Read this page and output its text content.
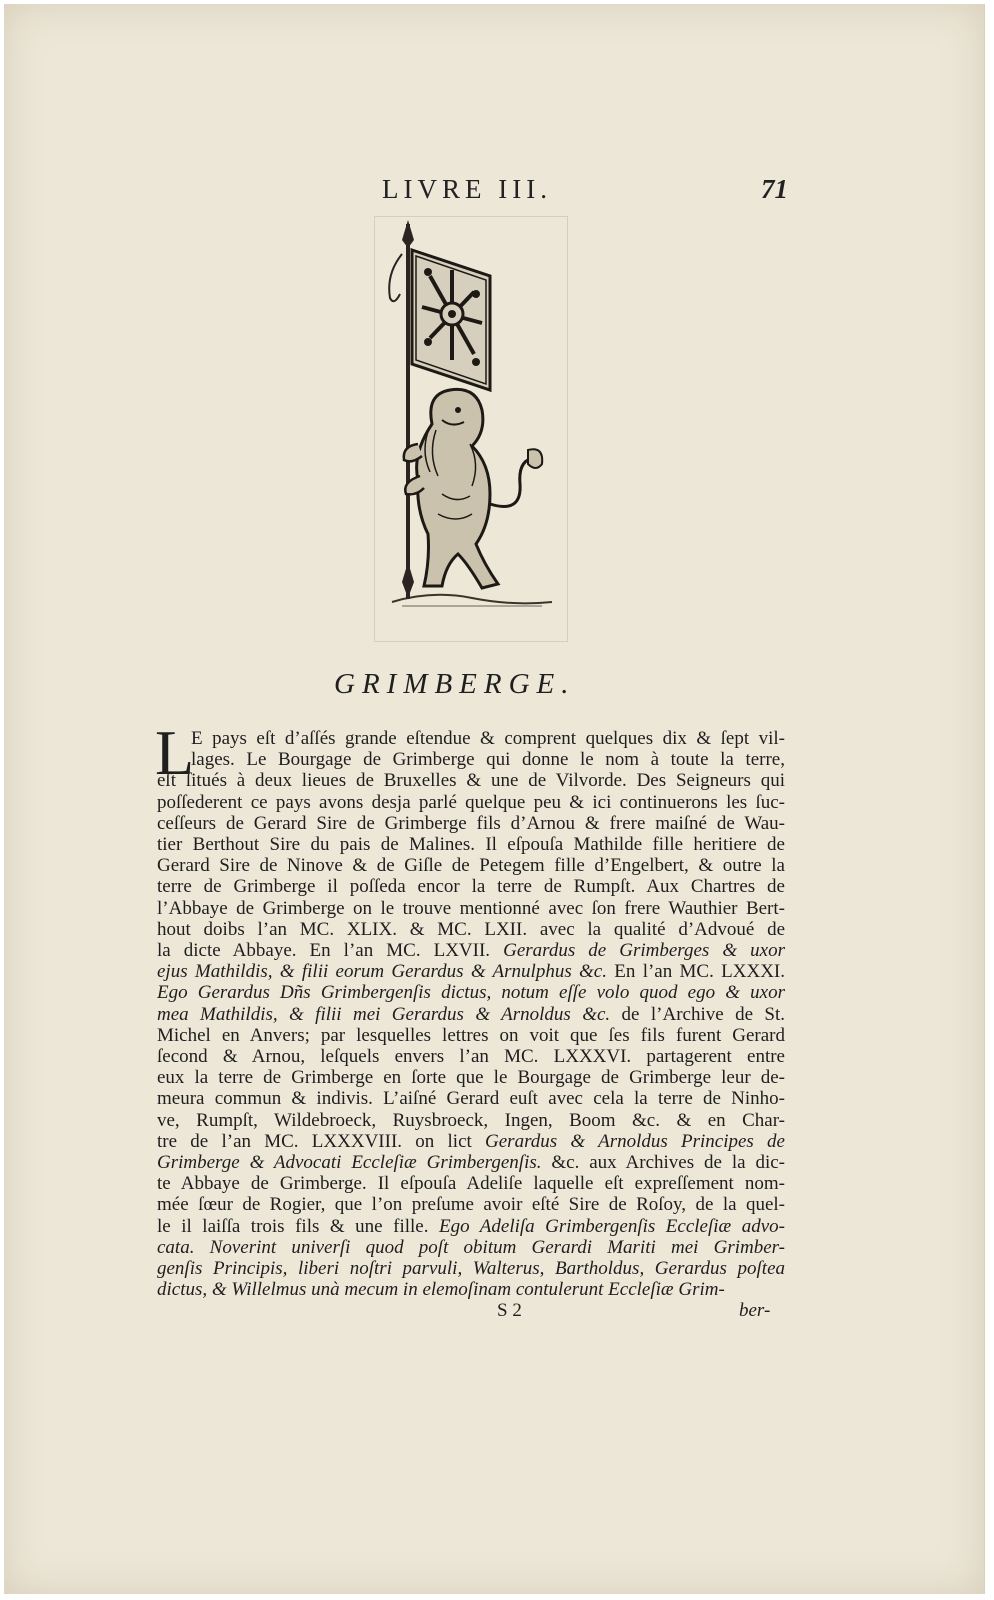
LIVRE III.	71
GRIMBERGE.
L
E pays eſt d’aſſés grande eſtendue & comprent quelques dix & ſept vil-
lages. Le Bourgage de Grimberge qui donne le nom à toute la terre,
eſt ſitués à deux lieues de Bruxelles & une de Vilvorde. Des Seigneurs qui
poſſederent ce pays avons desja parlé quelque peu & ici continuerons les ſuc-
ceſſeurs de Gerard Sire de Grimberge fils d’Arnou & frere maiſné de Wau-
tier Berthout Sire du pais de Malines. Il eſpouſa Mathilde fille heritiere de
Gerard Sire de Ninove & de Giſle de Petegem fille d’Engelbert, & outre la
terre de Grimberge il poſſeda encor la terre de Rumpſt. Aux Chartres de
l’Abbaye de Grimberge on le trouve mentionné avec ſon frere Wauthier Bert-
hout doibs l’an MC. XLIX. & MC. LXII. avec la qualité d’Advoué de
la dicte Abbaye. En l’an MC. LXVII. Gerardus de Grimberges & uxor
ejus Mathildis, & filii eorum Gerardus & Arnulphus &c. En l’an MC. LXXXI.
Ego Gerardus Dñs Grimbergenſis dictus, notum eſſe volo quod ego & uxor
mea Mathildis, & filii mei Gerardus & Arnoldus &c. de l’Archive de St.
Michel en Anvers; par lesquelles lettres on voit que ſes fils furent Gerard
ſecond & Arnou, leſquels envers l’an MC. LXXXVI. partagerent entre
eux la terre de Grimberge en ſorte que le Bourgage de Grimberge leur de-
meura commun & indivis. L’aiſné Gerard euſt avec cela la terre de Ninho-
ve, Rumpſt, Wildebroeck, Ruysbroeck, Ingen, Boom &c. & en Char-
tre de l’an MC. LXXXVIII. on lict Gerardus & Arnoldus Principes de
Grimberge & Advocati Eccleſiæ Grimbergenſis. &c. aux Archives de la dic-
te Abbaye de Grimberge. Il eſpouſa Adeliſe laquelle eſt expreſſement nom-
mée ſœur de Rogier, que l’on preſume avoir eſté Sire de Roſoy, de la quel-
le il laiſſa trois fils & une fille. Ego Adeliſa Grimbergenſis Eccleſiæ advo-
cata. Noverint univerſi quod poſt obitum Gerardi Mariti mei Grimber-
genſis Principis, liberi noſtri parvuli, Walterus, Bartholdus, Gerardus poſtea
dictus, & Willelmus unà mecum in elemoſinam contulerunt Eccleſiæ Grim-
S 2	ber-
